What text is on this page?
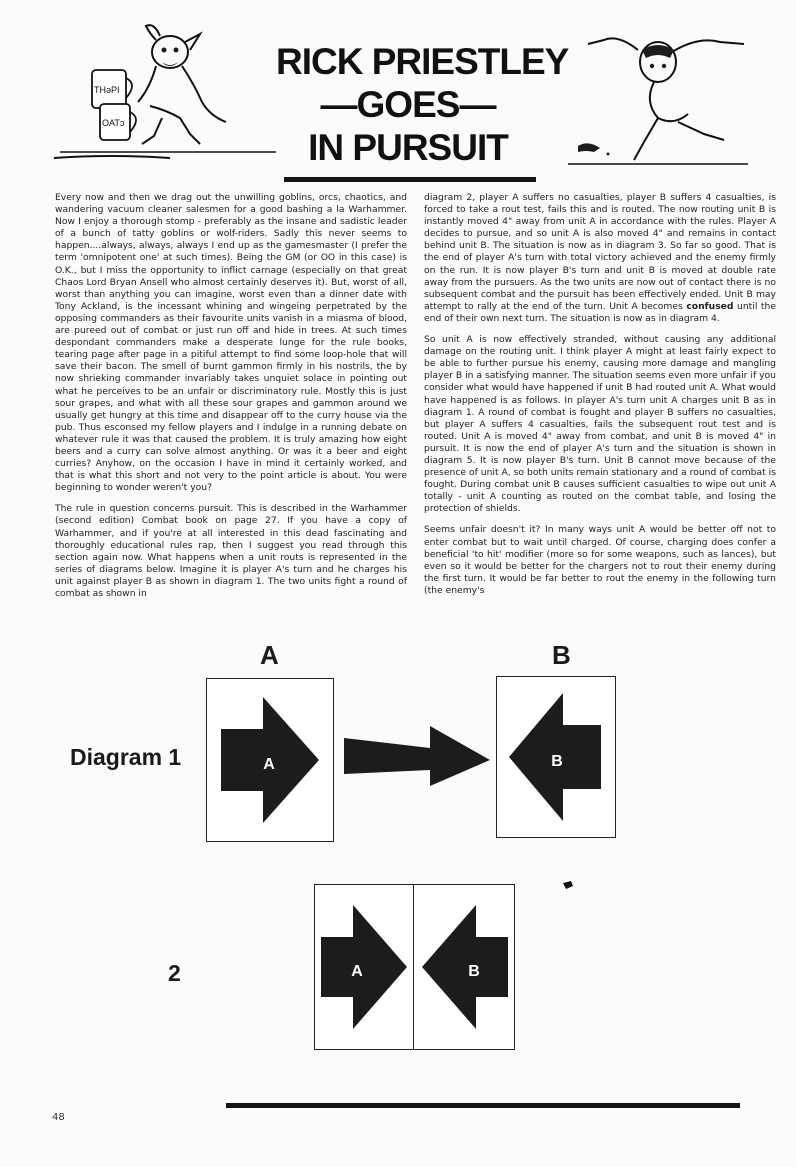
THəPI
OATɔ
RICK PRIESTLEY
—GOES—
IN PURSUIT

Every now and then we drag out the unwilling goblins, orcs, chaotics, and wandering vacuum cleaner salesmen for a good bashing a la Warhammer. Now I enjoy a thorough stomp - preferably as the insane and sadistic leader of a bunch of tatty goblins or wolf-riders. Sadly this never seems to happen....always, always, always I end up as the gamesmaster (I prefer the term 'omnipotent one' at such times). Being the GM (or OO in this case) is O.K., but I miss the opportunity to inflict carnage (especially on that great Chaos Lord Bryan Ansell who almost certainly deserves it). But, worst of all, worst than anything you can imagine, worst even than a dinner date with Tony Ackland, is the incessant whining and wingeing perpetrated by the opposing commanders as their favourite units vanish in a miasma of blood, are pureed out of combat or just run off and hide in trees. At such times despondant commanders make a desperate lunge for the rule books, tearing page after page in a pitiful attempt to find some loop-hole that will save their bacon. The smell of burnt gammon firmly in his nostrils, the by now shrieking commander invariably takes unquiet solace in pointing out what he perceives to be an unfair or discriminatory rule. Mostly this is just sour grapes, and what with all these sour grapes and gammon around we usually get hungry at this time and disappear off to the curry house via the pub. Thus esconsed my fellow players and I indulge in a running debate on whatever rule it was that caused the problem. It is truly amazing how eight beers and a curry can solve almost anything. Or was it a beer and eight curries? Anyhow, on the occasion I have in mind it certainly worked, and that is what this short and not very to the point article is about. You were beginning to wonder weren't you?

The rule in question concerns pursuit. This is described in the Warhammer (second edition) Combat book on page 27. If you have a copy of Warhammer, and if you're at all interested in this dead fascinating and thoroughly educational rules rap, then I suggest you read through this section again now. What happens when a unit routs is represented in the series of diagrams below. Imagine it is player A's turn and he charges his unit against player B as shown in diagram 1. The two units fight a round of combat as shown in

diagram 2, player A suffers no casualties, player B suffers 4 casualties, is forced to take a rout test, fails this and is routed. The now routing unit B is instantly moved 4" away from unit A in accordance with the rules. Player A decides to pursue, and so unit A is also moved 4" and remains in contact behind unit B. The situation is now as in diagram 3. So far so good. That is the end of player A's turn with total victory achieved and the enemy firmly on the run. It is now player B's turn and unit B is moved at double rate away from the pursuers. As the two units are now out of contact there is no subsequent combat and the pursuit has been effectively ended. Unit B may attempt to rally at the end of the turn. Unit A becomes confused until the end of their own next turn. The situation is now as in diagram 4.

So unit A is now effectively stranded, without causing any additional damage on the routing unit. I think player A might at least fairly expect to be able to further pursue his enemy, causing more damage and mangling player B in a satisfying manner. The situation seems even more unfair if you consider what would have happened if unit B had routed unit A. What would have happened is as follows. In player A's turn unit A charges unit B as in diagram 1. A round of combat is fought and player B suffers no casualties, but player A suffers 4 casualties, fails the subsequent rout test and is routed. Unit A is moved 4" away from combat, and unit B is moved 4" in pursuit. It is now the end of player A's turn and the situation is shown in diagram 5. It is now player B's turn. Unit B cannot move because of the presence of unit A, so both units remain stationary and a round of combat is fought. During combat unit B causes sufficient casualties to wipe out unit A totally - unit A counting as routed on the combat table, and losing the protection of shields.

Seems unfair doesn't it? In many ways unit A would be better off not to enter combat but to wait until charged. Of course, charging does confer a beneficial 'to hit' modifier (more so for some weapons, such as lances), but even so it would be better for the chargers not to rout their enemy during the first turn. It would be far better to rout the enemy in the following turn (the enemy's

A	B
Diagram 1	A	B
2	A	B
48
